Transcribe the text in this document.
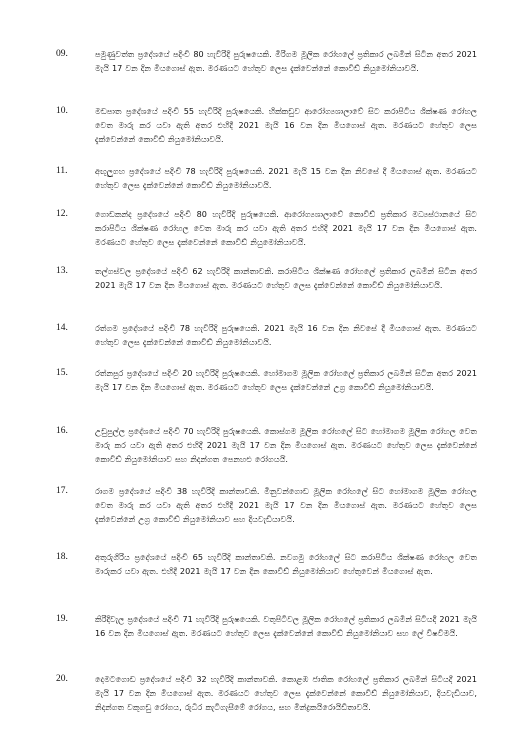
09.	පමුණුවත්ත ප්‍රදේශයේ පදිංචි 80 හැවිරිදි පුරුෂයෙකි. මීරිගම මූලික රෝහලේ ප්‍රතිකාර ලබමින් සිටින අතර 2021 මැයි 17 වන දින මියගොස් ඇත. මරණයට හේතුව ලෙස දැක්වෙන්නේ කොවිඩ් නියුමෝනියාවයි.
10.	මඩපාත ප්‍රදේශයේ පදිංචි 55 හැවිරිදි පුරුෂයෙකි. හික්කඩුව ආරෝග්‍යශාලාවේ සිට කරාපිටිය ශික්ෂණ රෝහල වෙත මාරු කර යවා ඇති අතර එහිදී 2021 මැයි 16 වන දින මියගොස් ඇත. මරණයට හේතුව ලෙස දැක්වෙන්නේ කොවිඩ් නියුමෝනියාවයි.
11.	අඟුලුගහ ප්‍රදේශයේ පදිංචි 78 හැවිරිදි පුරුෂයෙකි. 2021 මැයි 15 වන දින නිවසේ දී මියගොස් ඇත. මරණයට හේතුව ලෙස දැක්වෙන්නේ කොවිඩ් නියුමෝනියාවයි.
12.	ගොඩකන්ද ප්‍රදේශයේ පදිංචි 80 හැවිරිදි පුරුෂයෙකි. ආරෝග්‍යශාලාවේ කොවිඩ් ප්‍රතිකාර මධ්‍යස්ථානයේ සිට කරාපිටිය ශික්ෂණ රෝහල වෙත මාරු කර යවා ඇති අතර එහිදී 2021 මැයි 17 වන දින මියගොස් ඇත. මරණයට හේතුව ලෙස දැක්වෙන්නේ කොවිඩ් නියුමෝනියාවයි.
13.	තල්ගස්වල ප්‍රදේශයේ පදිංචි 62 හැවිරිදි කාන්තාවකි. කරාපිටිය ශික්ෂණ රෝහලේ ප්‍රතිකාර ලබමින් සිටින අතර 2021 මැයි 17 වන දින මියගොස් ඇත. මරණයට හේතුව ලෙස දැක්වෙන්නේ කොවිඩ් නියුමෝනියාවයි.
14.	රත්ගම ප්‍රදේශයේ පදිංචි 78 හැවිරිදි පුරුෂයෙකි. 2021 මැයි 16 වන දින නිවසේ දී මියගොස් ඇත. මරණයට හේතුව ලෙස දැක්වෙන්නේ කොවිඩ් නියුමෝනියාවයි.
15.	රත්නපුර ප්‍රදේශයේ පදිංචි 20 හැවිරිදි පුරුෂයෙකි. හෝමාගම මූලික රෝහලේ ප්‍රතිකාර ලබමින් සිටින අතර 2021 මැයි 17 වන දින මියගොස් ඇත. මරණයට හේතුව ලෙස දැක්වෙන්නේ උග්‍ර කොවිඩ් නියුමෝනියාවයි.
16.	උඩුපුල්ල ප්‍රදේශයේ පදිංචි 70 හැවිරිදි පුරුෂයෙකි. කොස්ගම මූලික රෝහලේ සිට හෝමාගම මූලික රෝහල වෙත මාරු කර යවා ඇති අතර එහිදී 2021 මැයි 17 වන දින මියගොස් ඇත. මරණයට හේතුව ලෙස දැක්වෙන්නේ කොවිඩ් නියුමෝනියාව සහ නිදන්ගත පෙනහළු රෝගයයි.
17.	රාගම ප්‍රදේශයේ පදිංචි 38 හැවිරිදි කාන්තාවකි. මීනුවන්ගොඩ මූලික රෝහලේ සිට හෝමාගම මූලික රෝහල වෙත මාරු කර යවා ඇති අතර එහිදී 2021 මැයි 17 වන දින මියගොස් ඇත. මරණයට හේතුව ලෙස දැක්වෙන්නේ උග්‍ර කොවිඩ් නියුමෝනියාව සහ දියවැඩියාවයි.
18.	අතුරුගිරිය ප්‍රදේශයේ පදිංචි 65 හැවිරිදි කාන්තාවකි. නවගමු රෝහලේ සිට කරාපිටිය ශික්ෂණ රෝහල වෙත මාරුකර යවා ඇත. එහිදී 2021 මැයි 17 වන දින කොවිඩ් නියුමෝනියාව හේතුවෙන් මියගොස් ඇත.
19.	කිරිදිවැල ප්‍රදේශයේ පදිංචි 71 හැවිරිදි පුරුෂයෙකි. වතුපිටිවල මූලික රෝහලේ ප්‍රතිකාර ලබමින් සිටියදී 2021 මැයි 16 වන දින මියගොස් ඇත. මරණයට හේතුව ලෙස දැක්වෙන්නේ කොවිඩ් නියුමෝනියාව සහ ලේ විෂවීමයි.
20.	දෙමටගොඩ ප්‍රදේශයේ පදිංචි 32 හැවිරිදි කාන්තාවකි. කොළඹ ජාතික රෝහලේ ප්‍රතිකාර ලබමින් සිටියදී 2021 මැයි 17 වන දින මියගොස් ඇත. මරණයට හේතුව ලෙස දැක්වෙන්නේ කොවිඩ් නියුමෝනියාව, දියවැඩියාව, නිදන්ගත වකුගඩු රෝගය, රුධිර කැටිගැසීමේ රෝගය, සහ මින්ද්‍රකයිරොයිඩිතාවයි.
